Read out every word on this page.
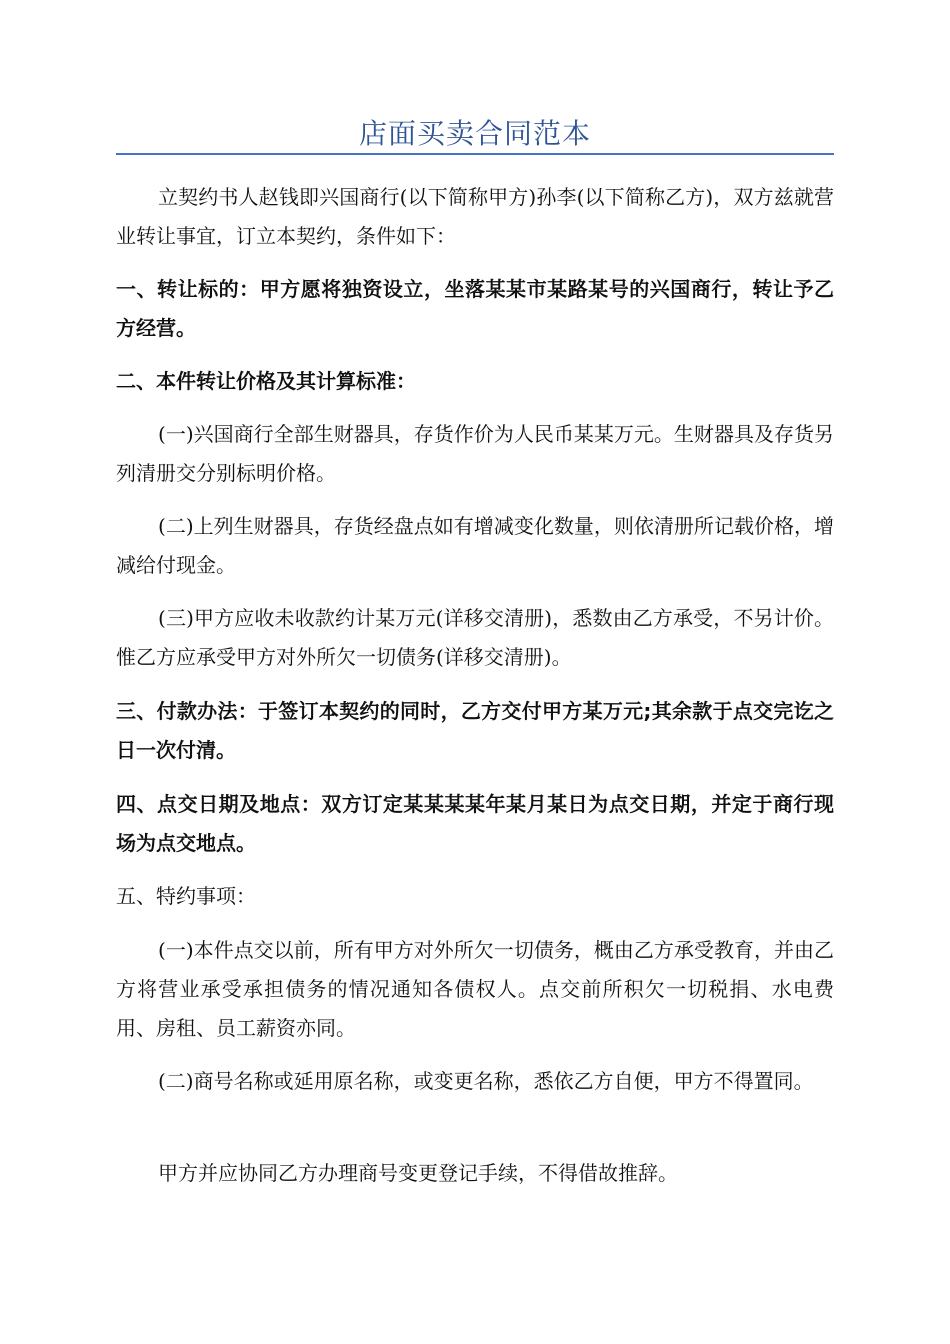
店面买卖合同范本

立契约书人赵钱即兴国商行(以下简称甲方)孙李(以下简称乙方)，双方兹就营业转让事宜，订立本契约，条件如下：

一、转让标的：甲方愿将独资设立，坐落某某市某路某号的兴国商行，转让予乙方经营。

二、本件转让价格及其计算标准：

(一)兴国商行全部生财器具，存货作价为人民币某某万元。生财器具及存货另列清册交分别标明价格。

(二)上列生财器具，存货经盘点如有增减变化数量，则依清册所记载价格，增减给付现金。

(三)甲方应收未收款约计某万元(详移交清册)，悉数由乙方承受，不另计价。惟乙方应承受甲方对外所欠一切债务(详移交清册)。

三、付款办法：于签订本契约的同时，乙方交付甲方某万元;其余款于点交完讫之日一次付清。

四、点交日期及地点：双方订定某某某某年某月某日为点交日期，并定于商行现场为点交地点。

五、特约事项：

(一)本件点交以前，所有甲方对外所欠一切债务，概由乙方承受教育，并由乙方将营业承受承担债务的情况通知各债权人。点交前所积欠一切税捐、水电费用、房租、员工薪资亦同。

(二)商号名称或延用原名称，或变更名称，悉依乙方自便，甲方不得置同。

甲方并应协同乙方办理商号变更登记手续，不得借故推辞。
